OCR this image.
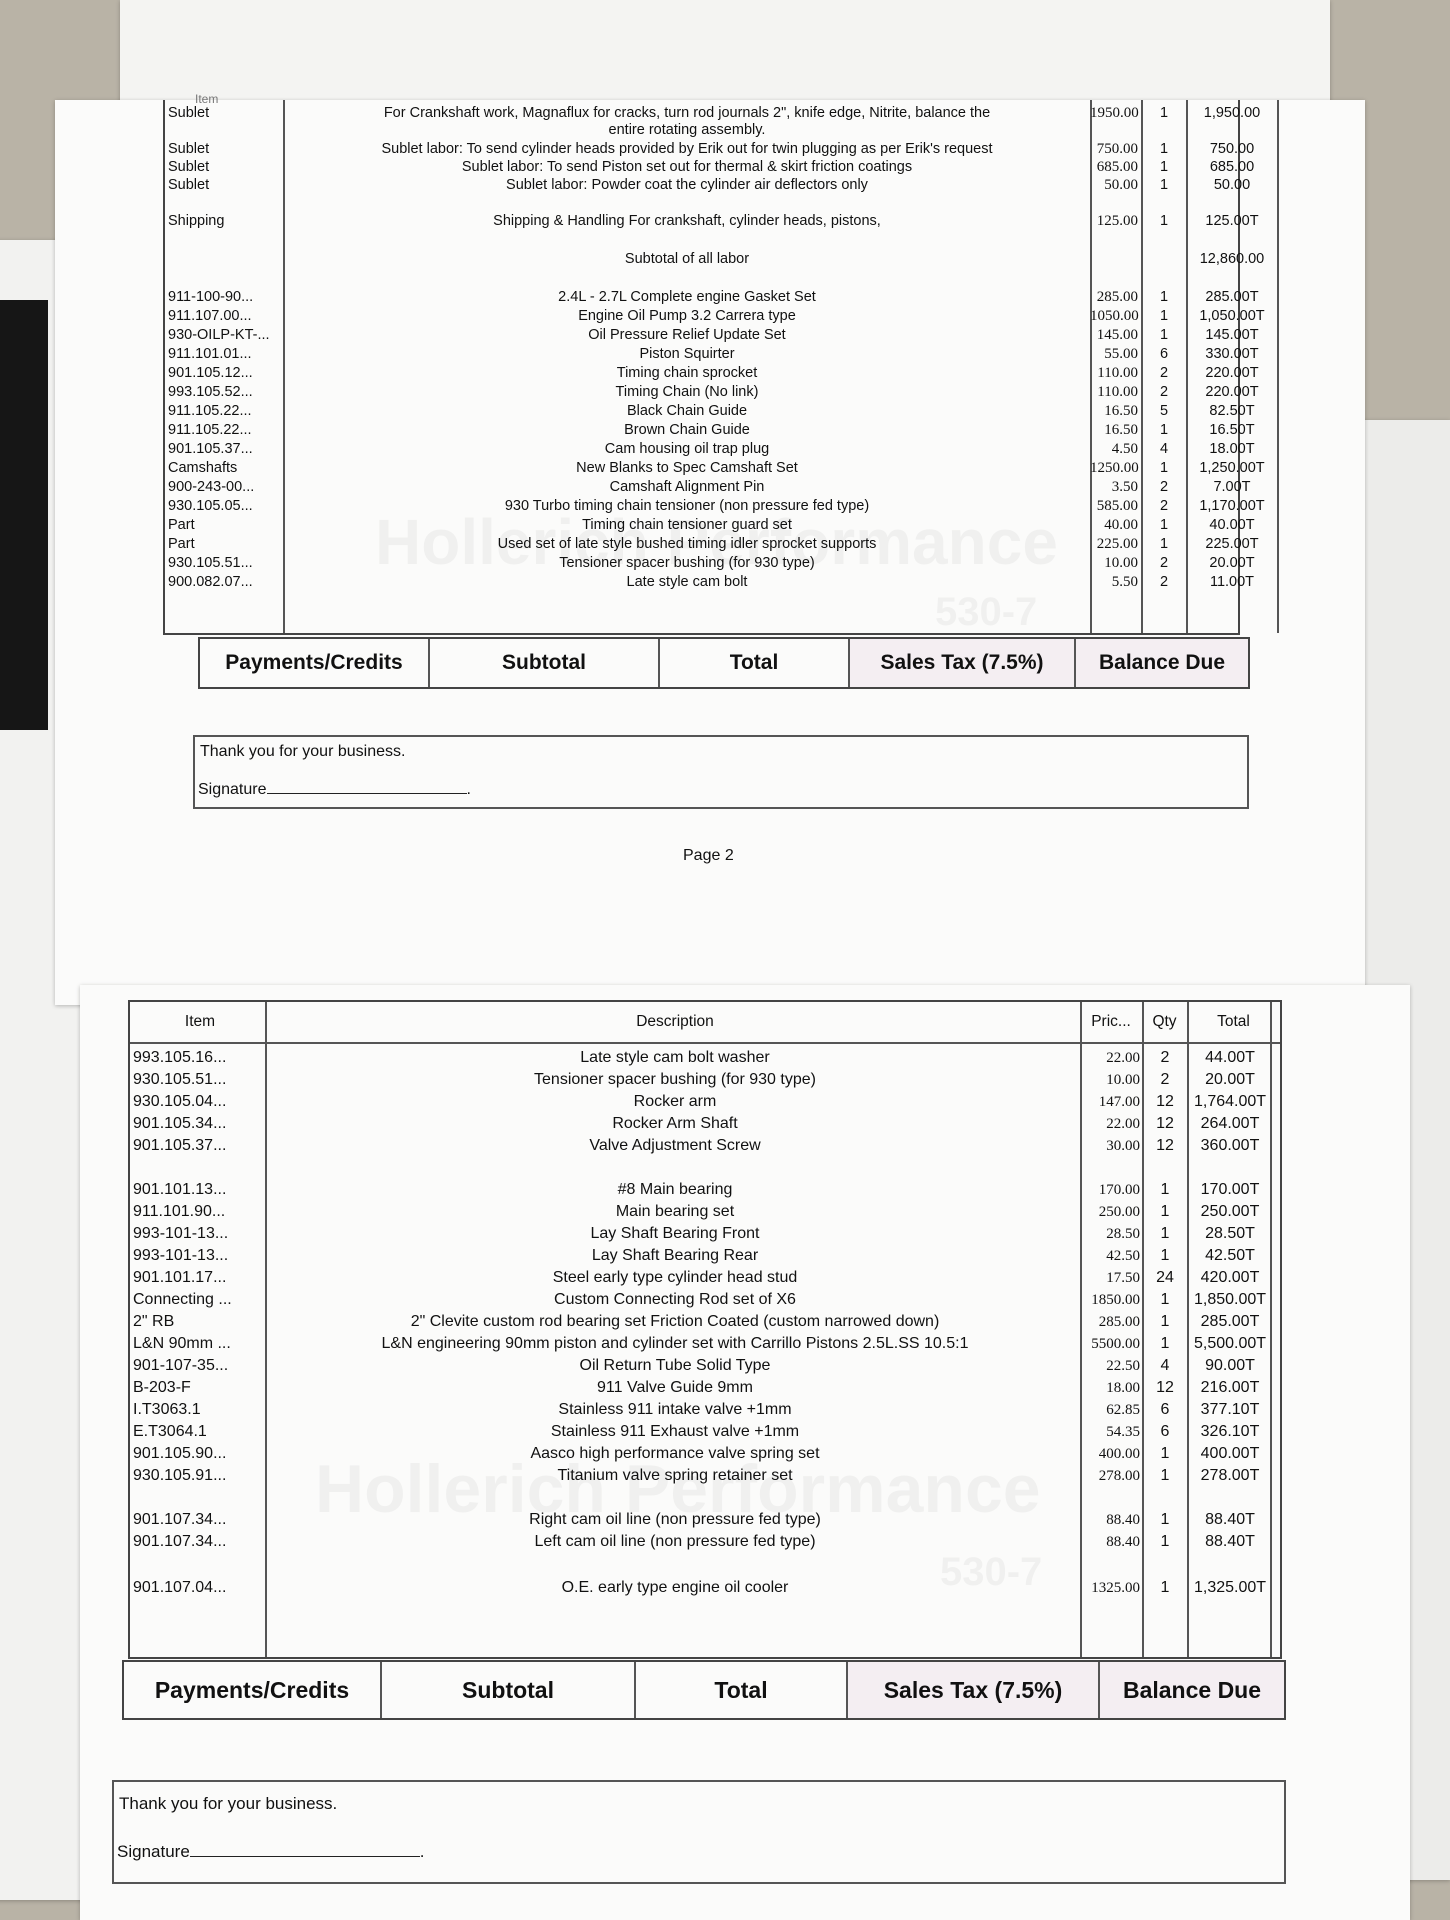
Item
Sublet	For Crankshaft work, Magnaflux for cracks, turn rod journals 2", knife edge, Nitrite, balance the	1950.00	1	1,950.00
entire rotating assembly.
Sublet	Sublet labor: To send cylinder heads provided by Erik out for twin plugging as per Erik's request	750.00	1	750.00
Sublet	Sublet labor: To send Piston set out for thermal & skirt friction coatings	685.00	1	685.00
Sublet	Sublet labor: Powder coat the cylinder air deflectors only	50.00	1	50.00
Shipping	Shipping & Handling For crankshaft, cylinder heads, pistons,	125.00	1	125.00T
Subtotal of all labor	12,860.00
911-100-90...	2.4L - 2.7L Complete engine Gasket Set	285.00	1	285.00T
911.107.00...	Engine Oil Pump 3.2 Carrera type	1050.00	1	1,050.00T
930-OILP-KT-...	Oil Pressure Relief Update Set	145.00	1	145.00T
911.101.01...	Piston Squirter	55.00	6	330.00T
901.105.12...	Timing chain sprocket	110.00	2	220.00T
993.105.52...	Timing Chain (No link)	110.00	2	220.00T
911.105.22...	Black Chain Guide	16.50	5	82.50T
911.105.22...	Brown Chain Guide	16.50	1	16.50T
901.105.37...	Cam housing oil trap plug	4.50	4	18.00T
Camshafts	New Blanks to Spec Camshaft Set	1250.00	1	1,250.00T
900-243-00...	Camshaft Alignment Pin	3.50	2	7.00T
930.105.05...	930 Turbo timing chain tensioner (non pressure fed type)	585.00	2	1,170.00T
Part	Timing chain tensioner guard set	40.00	1	40.00T
Part	Used set of late style bushed timing idler sprocket supports	225.00	1	225.00T
930.105.51...	Tensioner spacer bushing (for 930 type)	10.00	2	20.00T
900.082.07...	Late style cam bolt	5.50	2	11.00T
Payments/Credits	Subtotal	Total	Sales Tax (7.5%)	Balance Due
Thank you for your business.
Signature	.
Page 2
Item	Description	Pric...	Qty	Total
993.105.16...	Late style cam bolt washer	22.00	2	44.00T
930.105.51...	Tensioner spacer bushing (for 930 type)	10.00	2	20.00T
930.105.04...	Rocker arm	147.00	12	1,764.00T
901.105.34...	Rocker Arm Shaft	22.00	12	264.00T
901.105.37...	Valve Adjustment Screw	30.00	12	360.00T
901.101.13...	#8 Main bearing	170.00	1	170.00T
911.101.90...	Main bearing set	250.00	1	250.00T
993-101-13...	Lay Shaft Bearing Front	28.50	1	28.50T
993-101-13...	Lay Shaft Bearing Rear	42.50	1	42.50T
901.101.17...	Steel early type cylinder head stud	17.50	24	420.00T
Connecting ...	Custom Connecting Rod set of X6	1850.00	1	1,850.00T
2" RB	2" Clevite custom rod bearing set Friction Coated (custom narrowed down)	285.00	1	285.00T
L&N 90mm ...	L&N engineering 90mm piston and cylinder set with Carrillo Pistons 2.5L.SS 10.5:1	5500.00	1	5,500.00T
901-107-35...	Oil Return Tube Solid Type	22.50	4	90.00T
B-203-F	911 Valve Guide 9mm	18.00	12	216.00T
I.T3063.1	Stainless 911 intake valve +1mm	62.85	6	377.10T
E.T3064.1	Stainless 911 Exhaust valve +1mm	54.35	6	326.10T
901.105.90...	Aasco high performance valve spring set	400.00	1	400.00T
930.105.91...	Titanium valve spring retainer set	278.00	1	278.00T
901.107.34...	Right cam oil line (non pressure fed type)	88.40	1	88.40T
901.107.34...	Left cam oil line (non pressure fed type)	88.40	1	88.40T
901.107.04...	O.E. early type engine oil cooler	1325.00	1	1,325.00T
Payments/Credits	Subtotal	Total	Sales Tax (7.5%)	Balance Due
Thank you for your business.
Signature	.
